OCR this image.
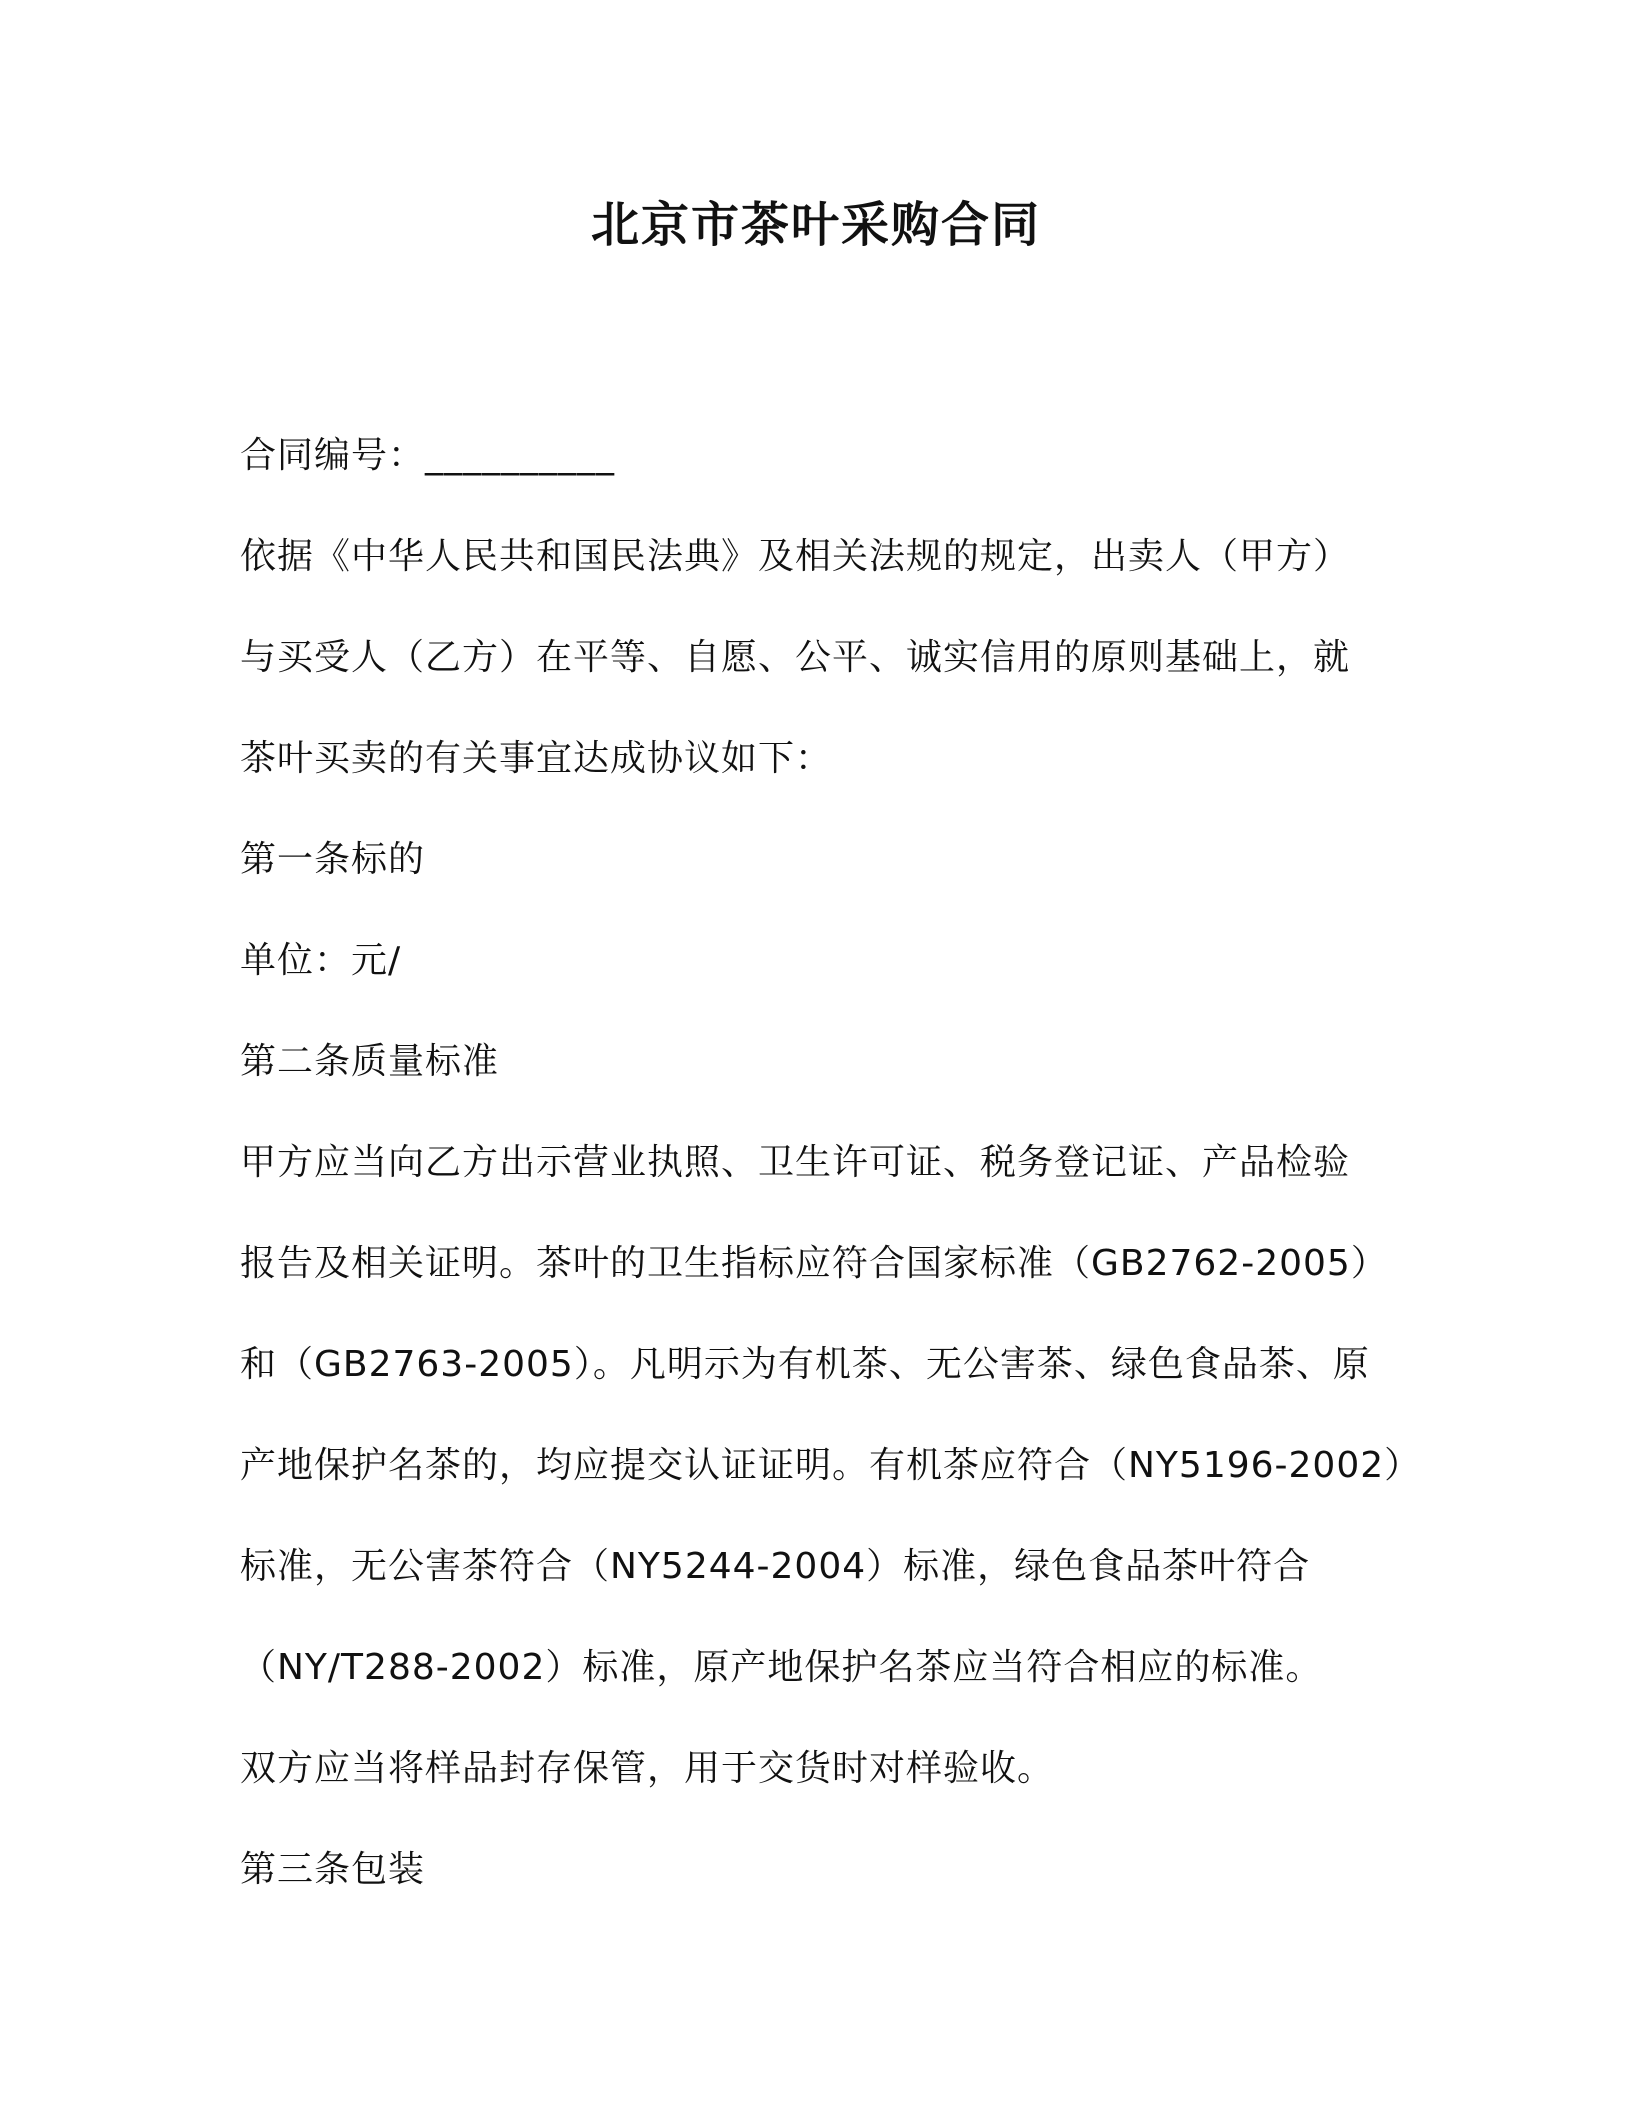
北京市茶叶采购合同
合同编号：__________
依据《中华人民共和国民法典》及相关法规的规定，出卖人（甲方）
与买受人（乙方）在平等、自愿、公平、诚实信用的原则基础上，就
茶叶买卖的有关事宜达成协议如下：
第一条标的
单位：元/
第二条质量标准
甲方应当向乙方出示营业执照、卫生许可证、税务登记证、产品检验
报告及相关证明。茶叶的卫生指标应符合国家标准（GB2762-2005）
和（GB2763-2005）。凡明示为有机茶、无公害茶、绿色食品茶、原
产地保护名茶的，均应提交认证证明。有机茶应符合（NY5196-2002）
标准，无公害茶符合（NY5244-2004）标准，绿色食品茶叶符合
（NY/T288-2002）标准，原产地保护名茶应当符合相应的标准。
双方应当将样品封存保管，用于交货时对样验收。
第三条包装
